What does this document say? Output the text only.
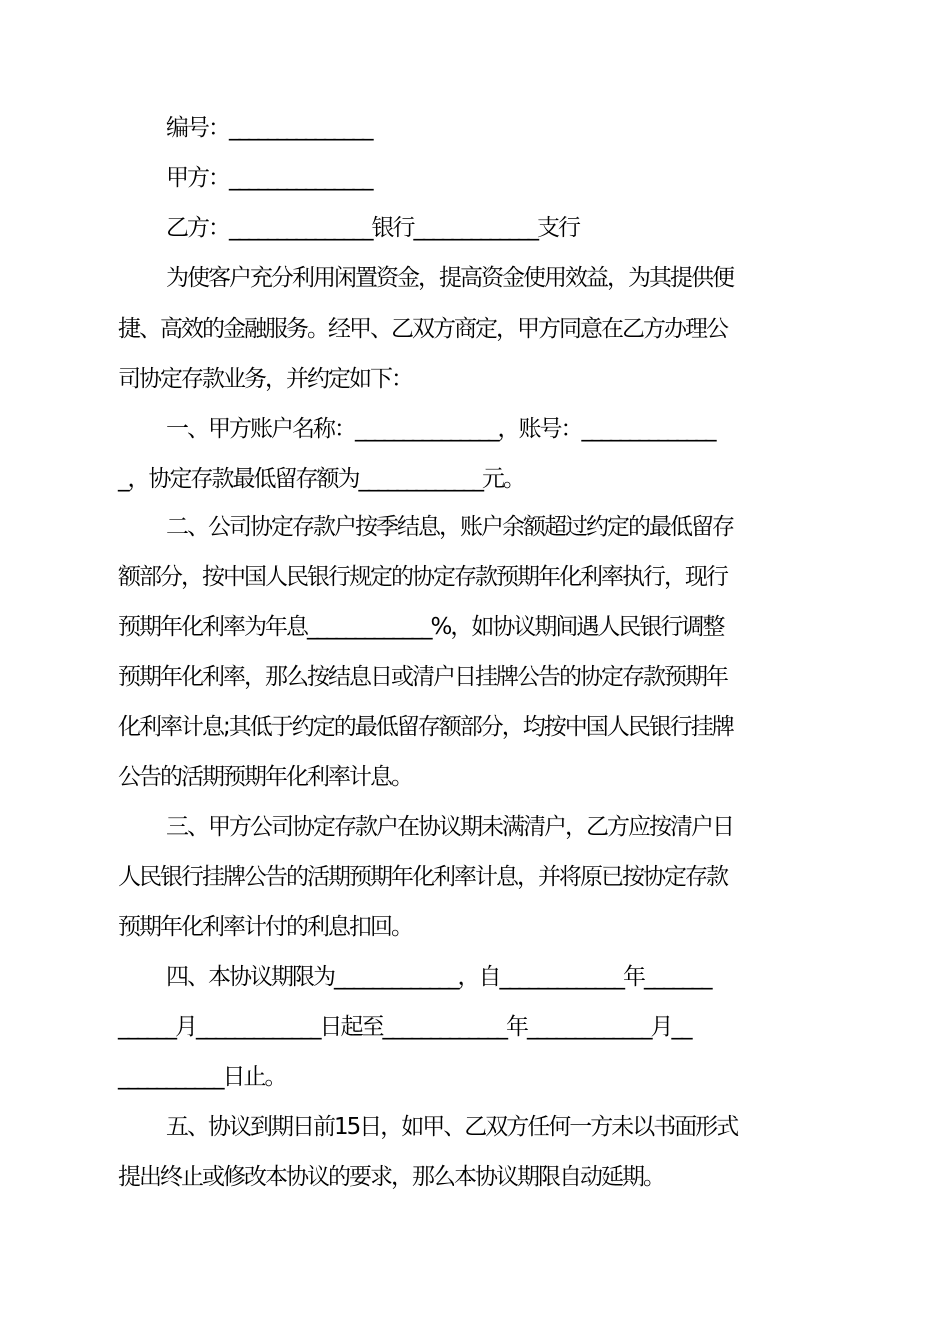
编号：_______________
甲方：_______________
乙方：_______________银行_____________支行
为使客户充分利用闲置资金，提高资金使用效益，为其提供便
捷、高效的金融服务。经甲、乙双方商定，甲方同意在乙方办理公
司协定存款业务，并约定如下：
一、甲方账户名称：_______________，账号：______________
_，协定存款最低留存额为_____________元。
二、公司协定存款户按季结息，账户余额超过约定的最低留存
额部分，按中国人民银行规定的协定存款预期年化利率执行，现行
预期年化利率为年息_____________%，如协议期间遇人民银行调整
预期年化利率，那么按结息日或清户日挂牌公告的协定存款预期年
化利率计息;其低于约定的最低留存额部分，均按中国人民银行挂牌
公告的活期预期年化利率计息。
三、甲方公司协定存款户在协议期未满清户，乙方应按清户日
人民银行挂牌公告的活期预期年化利率计息，并将原已按协定存款
预期年化利率计付的利息扣回。
四、本协议期限为_____________，自_____________年_______
______月_____________日起至_____________年_____________月__
___________日止。
五、协议到期日前15日，如甲、乙双方任何一方未以书面形式
提出终止或修改本协议的要求，那么本协议期限自动延期。
